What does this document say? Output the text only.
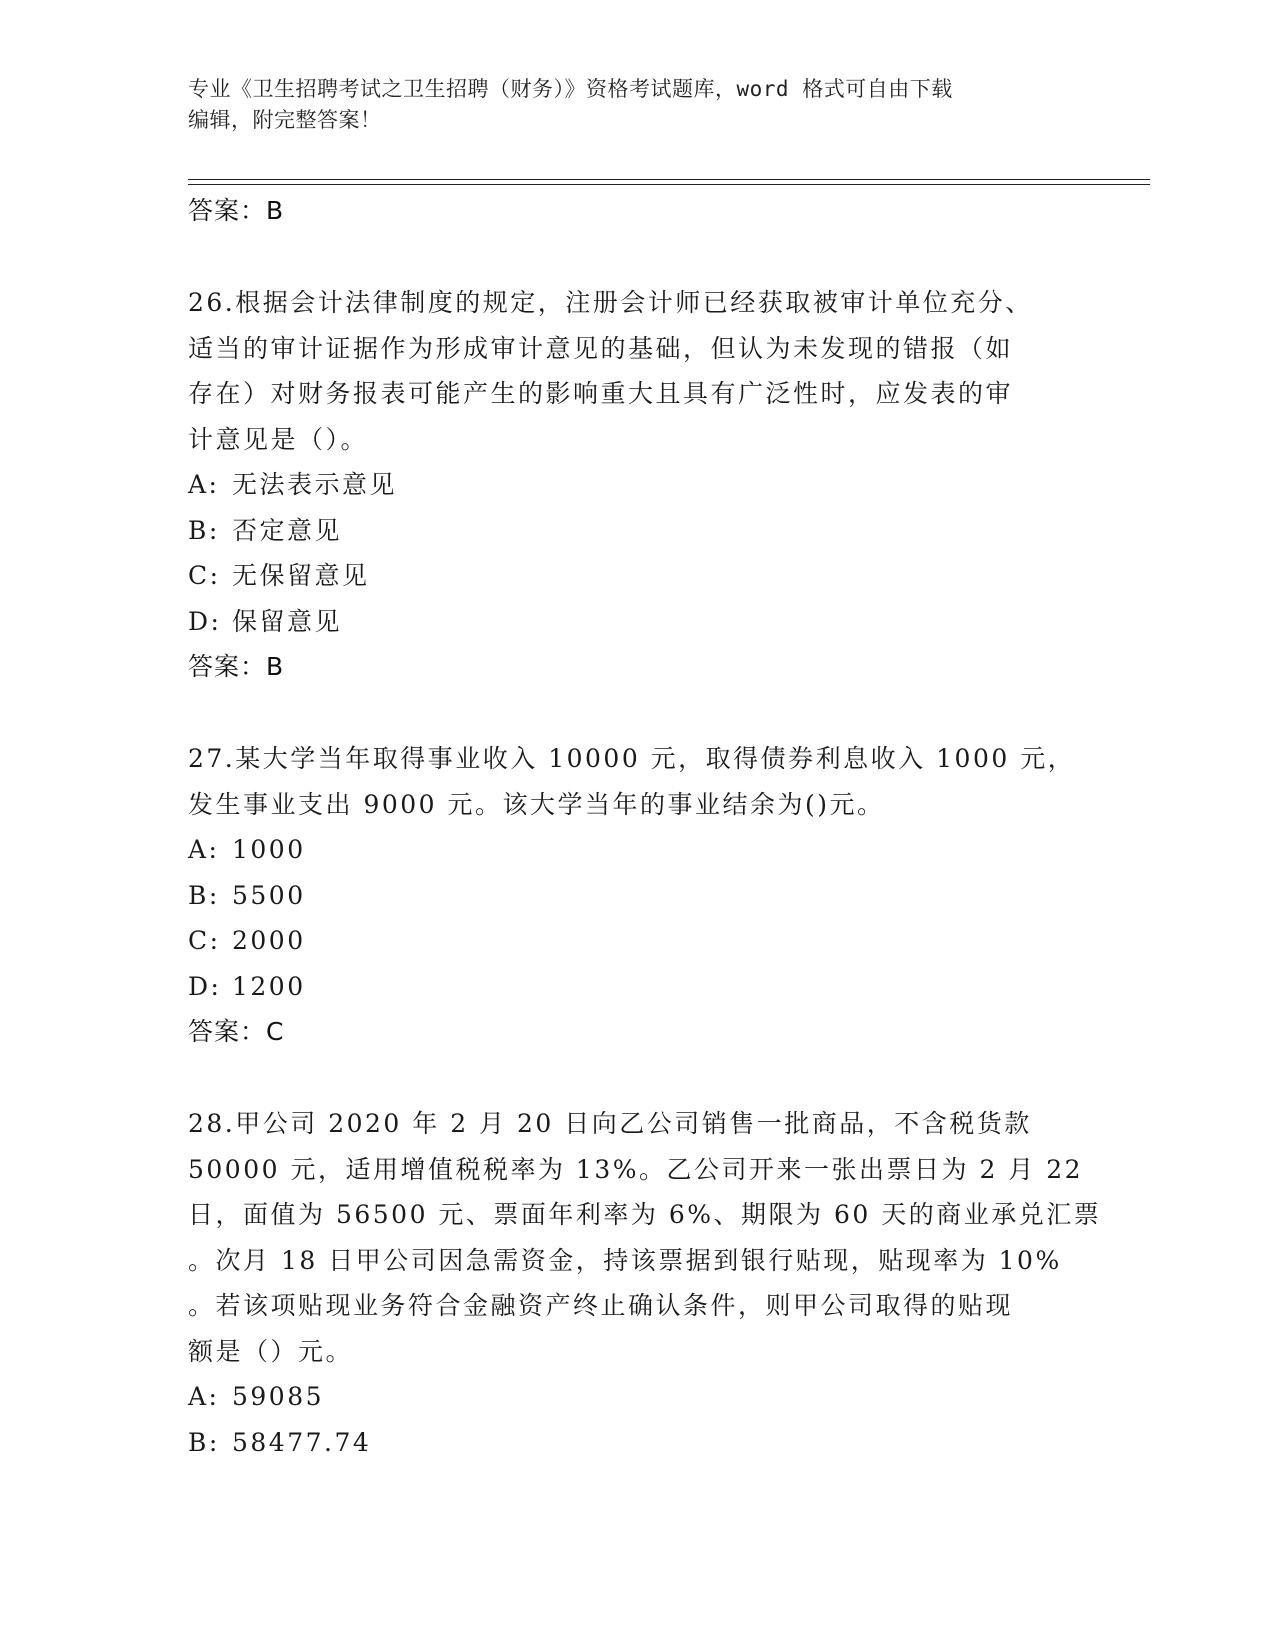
专业《卫生招聘考试之卫生招聘（财务）》资格考试题库，word 格式可自由下载
编辑，附完整答案！
答案：B
26.根据会计法律制度的规定，注册会计师已经获取被审计单位充分、
适当的审计证据作为形成审计意见的基础，但认为未发现的错报（如
存在）对财务报表可能产生的影响重大且具有广泛性时，应发表的审
计意见是（）。
A: 无法表示意见
B: 否定意见
C: 无保留意见
D: 保留意见
答案：B
27.某大学当年取得事业收入 10000 元，取得债券利息收入 1000 元，
发生事业支出 9000 元。该大学当年的事业结余为()元。
A: 1000
B: 5500
C: 2000
D: 1200
答案：C
28.甲公司 2020 年 2 月 20 日向乙公司销售一批商品，不含税货款
50000 元，适用增值税税率为 13%。乙公司开来一张出票日为 2 月 22
日，面值为 56500 元、票面年利率为 6%、期限为 60 天的商业承兑汇票
。次月 18 日甲公司因急需资金，持该票据到银行贴现，贴现率为 10%
。若该项贴现业务符合金融资产终止确认条件，则甲公司取得的贴现
额是（）元。
A: 59085
B: 58477.74
